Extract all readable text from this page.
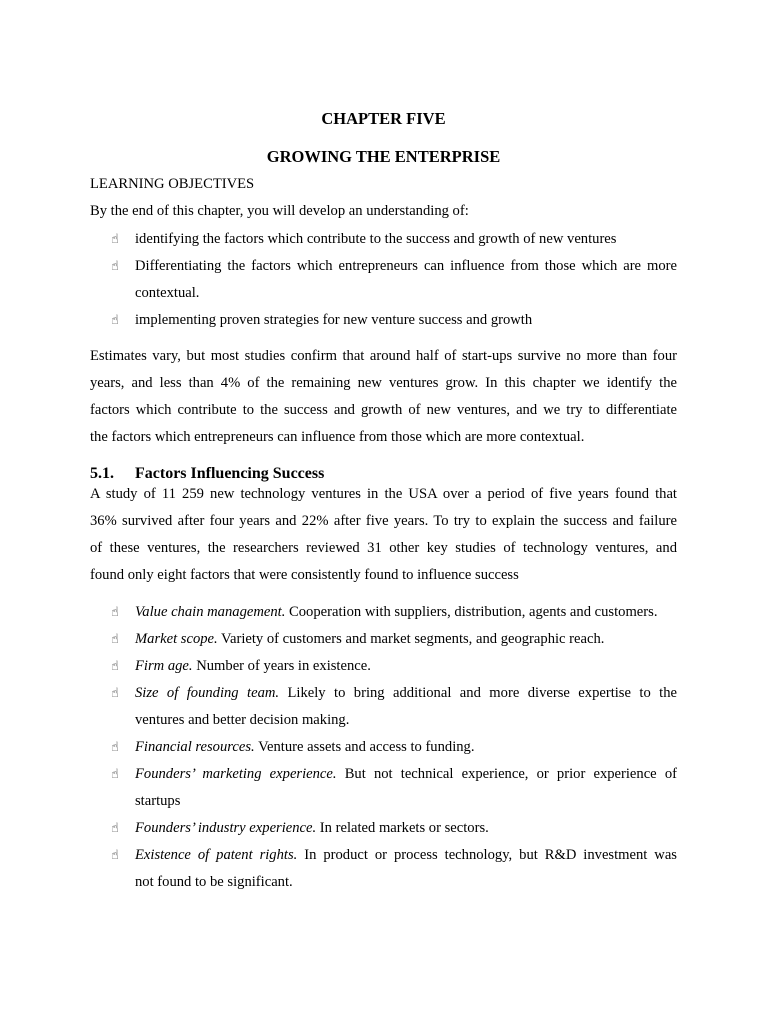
CHAPTER FIVE
GROWING THE ENTERPRISE

LEARNING OBJECTIVES

By the end of this chapter, you will develop an understanding of:

☝ identifying the factors which contribute to the success and growth of new ventures
☝ Differentiating the factors which entrepreneurs can influence from those which are more
contextual.
☝ implementing proven strategies for new venture success and growth
Estimates vary, but most studies confirm that around half of start-ups survive no more than four
years, and less than 4% of the remaining new ventures grow. In this chapter we identify the
factors which contribute to the success and growth of new ventures, and we try to differentiate
the factors which entrepreneurs can influence from those which are more contextual.
5.1. Factors Influencing Success
A study of 11 259 new technology ventures in the USA over a period of five years found that
36% survived after four years and 22% after five years. To try to explain the success and failure
of these ventures, the researchers reviewed 31 other key studies of technology ventures, and
found only eight factors that were consistently found to influence success
☝ Value chain management. Cooperation with suppliers, distribution, agents and customers.
☝ Market scope. Variety of customers and market segments, and geographic reach.
☝ Firm age. Number of years in existence.
☝ Size of founding team. Likely to bring additional and more diverse expertise to the
ventures and better decision making.
☝ Financial resources. Venture assets and access to funding.
☝ Founders’ marketing experience. But not technical experience, or prior experience of
startups
☝ Founders’ industry experience. In related markets or sectors.
☝ Existence of patent rights. In product or process technology, but R&D investment was
not found to be significant.
